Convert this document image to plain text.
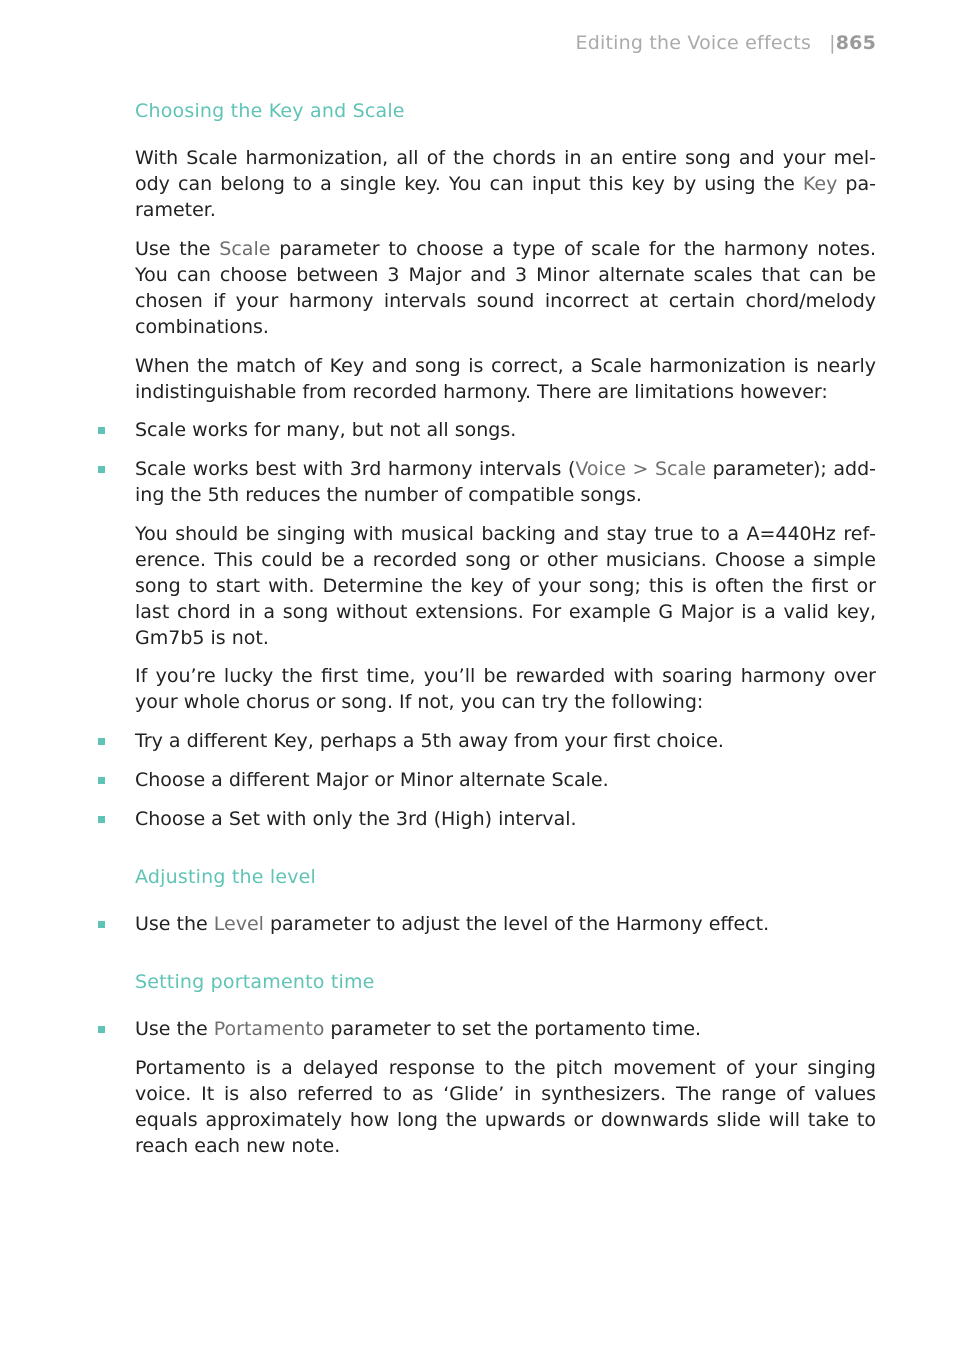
Editing the Voice effects |865
Choosing the Key and Scale
With Scale harmonization, all of the chords in an entire song and your melody can belong to a single key. You can input this key by using the Key parameter.
Use the Scale parameter to choose a type of scale for the harmony notes. You can choose between 3 Major and 3 Minor alternate scales that can be chosen if your harmony intervals sound incorrect at certain chord/melody combinations.
When the match of Key and song is correct, a Scale harmonization is nearly indistinguishable from recorded harmony. There are limitations however:
Scale works for many, but not all songs.
Scale works best with 3rd harmony intervals (Voice > Scale parameter); adding the 5th reduces the number of compatible songs.
You should be singing with musical backing and stay true to a A=440Hz reference. This could be a recorded song or other musicians. Choose a simple song to start with. Determine the key of your song; this is often the first or last chord in a song without extensions. For example G Major is a valid key, Gm7b5 is not.
If you’re lucky the first time, you’ll be rewarded with soaring harmony over your whole chorus or song. If not, you can try the following:
Try a different Key, perhaps a 5th away from your first choice.
Choose a different Major or Minor alternate Scale.
Choose a Set with only the 3rd (High) interval.
Adjusting the level
Use the Level parameter to adjust the level of the Harmony effect.
Setting portamento time
Use the Portamento parameter to set the portamento time.
Portamento is a delayed response to the pitch movement of your singing voice. It is also referred to as ‘Glide’ in synthesizers. The range of values equals approximately how long the upwards or downwards slide will take to reach each new note.
